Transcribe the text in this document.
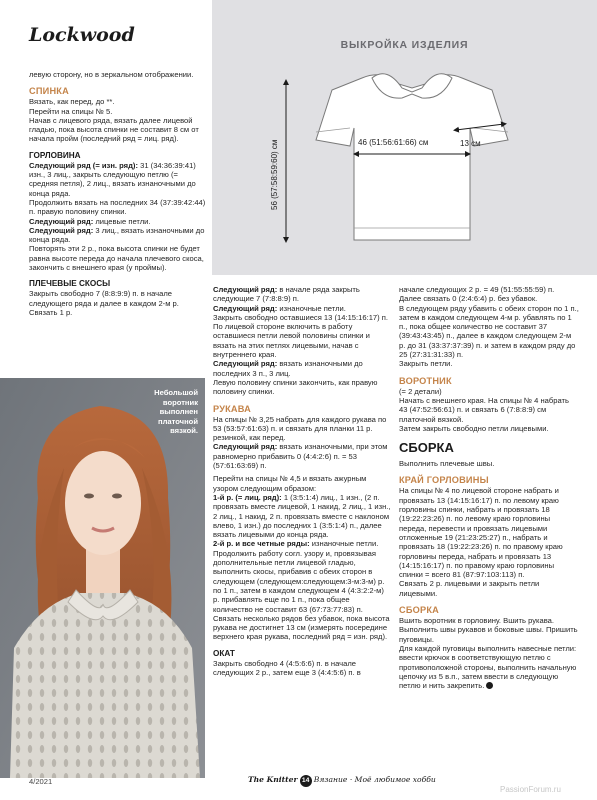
Lockwood	ВЫКРОЙКА ИЗДЕЛИЯ
46 (51:56:61:66) см
56 (57:58:59:60) см	13 см
левую сторону, но в зеркальном отображении.
СПИНКА
Вязать, как перед, до **.
Перейти на спицы № 5.
Начав с лицевого ряда, вязать далее лицевой гладью, пока высота спинки не составит 8 см от начала пройм (последний ряд = лиц. ряд).
ГОРЛОВИНА
Следующий ряд (= изн. ряд): 31 (34:36:39:41) изн., 3 лиц., закрыть следующую петлю (= средняя петля), 2 лиц., вязать изнаночными до конца ряда.
Продолжить вязать на последних 34 (37:39:42:44) п. правую половину спинки.
Следующий ряд: лицевые петли.
Следующий ряд: 3 лиц., вязать изнаночными до конца ряда.
Повторять эти 2 р., пока высота спинки не будет равна высоте переда до начала плечевого скоса, закончить с внешнего края (у проймы).
ПЛЕЧЕВЫЕ СКОСЫ
Закрыть свободно 7 (8:8:9:9) п. в начале следующего ряда и далее в каждом 2-м р. Связать 1 р.
Небольшой воротник выполнен платочной вязкой.
Следующий ряд: в начале ряда закрыть следующие 7 (7:8:8:9) п.
Следующий ряд: изнаночные петли.
Закрыть свободно оставшиеся 13 (14:15:16:17) п.
По лицевой стороне включить в работу оставшиеся петли левой половины спинки и вязать на этих петлях лицевыми, начав с внутреннего края.
Следующий ряд: вязать изнаночными до последних 3 п., 3 лиц.
Левую половину спинки закончить, как правую половину спинки.
РУКАВА
На спицы № 3,25 набрать для каждого рукава по 53 (53:57:61:63) п. и связать для планки 11 р. резинкой, как перед.
Следующий ряд: вязать изнаночными, при этом равномерно прибавить 0 (4:4:2:6) п. = 53 (57:61:63:69) п.
Перейти на спицы № 4,5 и вязать ажурным узором следующим образом:
1-й р. (= лиц. ряд): 1 (3:5:1:4) лиц., 1 изн., (2 п. провязать вместе лицевой, 1 накид, 2 лиц., 1 изн., 2 лиц., 1 накид, 2 п. провязать вместе с наклоном влево, 1 изн.) до последних 1 (3:5:1:4) п., далее вязать лицевыми до конца ряда.
2-й р. и все четные ряды: изнаночные петли.
Продолжить работу согл. узору и, провязывая дополнительные петли лицевой гладью, выполнить скосы, прибавив с обеих сторон в следующем (следующем:следующем:3-м:3-м) р. по 1 п., затем в каждом следующем 4 (4:3:2:2-м) р. прибавлять еще по 1 п., пока общее количество не составит 63 (67:73:77:83) п.
Связать несколько рядов без убавок, пока высота рукава не достигнет 13 см (измерять посередине верхнего края рукава, последний ряд = изн. ряд).
ОКАТ
Закрыть свободно 4 (4:5:6:6) п. в начале следующих 2 р., затем еще 3 (4:4:5:6) п. в
начале следующих 2 р. = 49 (51:55:55:59) п.
Далее связать 0 (2:4:6:4) р. без убавок.
В следующем ряду убавить с обеих сторон по 1 п., затем в каждом следующем 4-м р. убавлять по 1 п., пока общее количество не составит 37 (39:43:43:45) п., далее в каждом следующем 2-м р. до 31 (33:37:37:39) п. и затем в каждом ряду до 25 (27:31:31:33) п.
Закрыть петли.
ВОРОТНИК
(= 2 детали)
Начать с внешнего края. На спицы № 4 набрать 43 (47:52:56:61) п. и связать 6 (7:8:8:9) см платочной вязкой.
Затем закрыть свободно петли лицевыми.
СБОРКА
Выполнить плечевые швы.
КРАЙ ГОРЛОВИНЫ
На спицы № 4 по лицевой стороне набрать и провязать 13 (14:15:16:17) п. по левому краю горловины спинки, набрать и провязать 18 (19:22:23:26) п. по левому краю горловины переда, перевести и провязать лицевыми отложенные 19 (21:23:25:27) п., набрать и провязать 18 (19:22:23:26) п. по правому краю горловины переда, набрать и провязать 13 (14:15:16:17) п. по правому краю горловины спинки = всего 81 (87:97:103:113) п.
Связать 2 р. лицевыми и закрыть петли лицевыми.
СБОРКА
Вшить воротник в горловину. Вшить рукава. Выполнить швы рукавов и боковые швы. Пришить пуговицы.
Для каждой пуговицы выполнить навесные петли: ввести крючок в соответствующую петлю с противоположной стороны, выполнить начальную цепочку из 5 в.п., затем ввести в следующую петлю и нить закрепить.
4/2021	The Knitter 14 Вязание · Моё любимое хобби
PassionForum.ru
